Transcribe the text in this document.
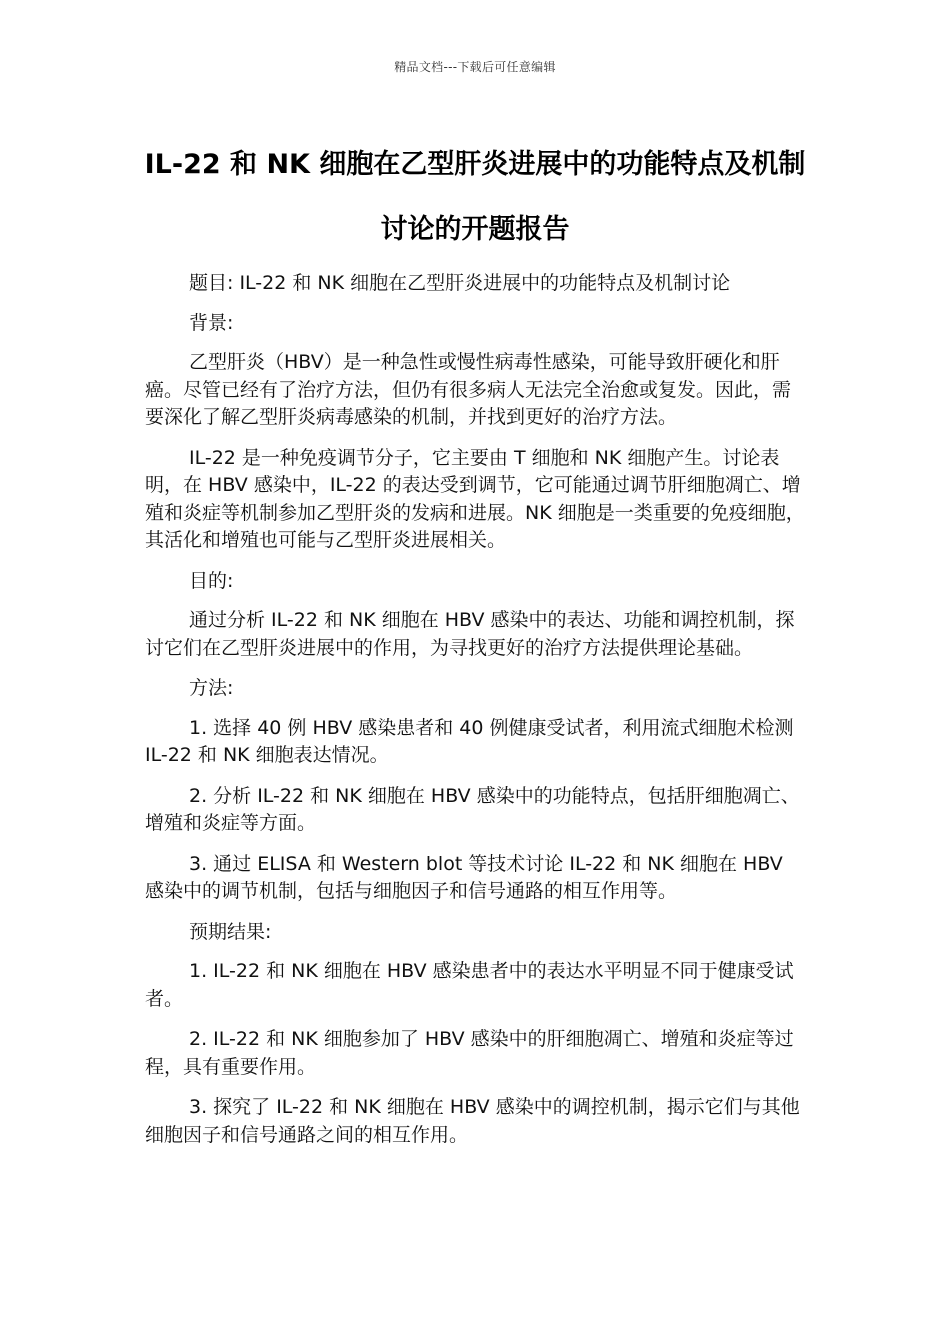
精品文档---下载后可任意编辑
IL-22 和 NK 细胞在乙型肝炎进展中的功能特点及机制讨论的开题报告

题目: IL-22 和 NK 细胞在乙型肝炎进展中的功能特点及机制讨论

背景:

乙型肝炎（HBV）是一种急性或慢性病毒性感染，可能导致肝硬化和肝癌。尽管已经有了治疗方法，但仍有很多病人无法完全治愈或复发。因此，需要深化了解乙型肝炎病毒感染的机制，并找到更好的治疗方法。

IL-22 是一种免疫调节分子，它主要由 T 细胞和 NK 细胞产生。讨论表明，在 HBV 感染中，IL-22 的表达受到调节，它可能通过调节肝细胞凋亡、增殖和炎症等机制参加乙型肝炎的发病和进展。NK 细胞是一类重要的免疫细胞，其活化和增殖也可能与乙型肝炎进展相关。

目的:

通过分析 IL-22 和 NK 细胞在 HBV 感染中的表达、功能和调控机制，探讨它们在乙型肝炎进展中的作用，为寻找更好的治疗方法提供理论基础。

方法:

1. 选择 40 例 HBV 感染患者和 40 例健康受试者，利用流式细胞术检测 IL-22 和 NK 细胞表达情况。

2. 分析 IL-22 和 NK 细胞在 HBV 感染中的功能特点，包括肝细胞凋亡、增殖和炎症等方面。

3. 通过 ELISA 和 Western blot 等技术讨论 IL-22 和 NK 细胞在 HBV 感染中的调节机制，包括与细胞因子和信号通路的相互作用等。

预期结果:

1. IL-22 和 NK 细胞在 HBV 感染患者中的表达水平明显不同于健康受试者。

2. IL-22 和 NK 细胞参加了 HBV 感染中的肝细胞凋亡、增殖和炎症等过程，具有重要作用。

3. 探究了 IL-22 和 NK 细胞在 HBV 感染中的调控机制，揭示它们与其他细胞因子和信号通路之间的相互作用。
